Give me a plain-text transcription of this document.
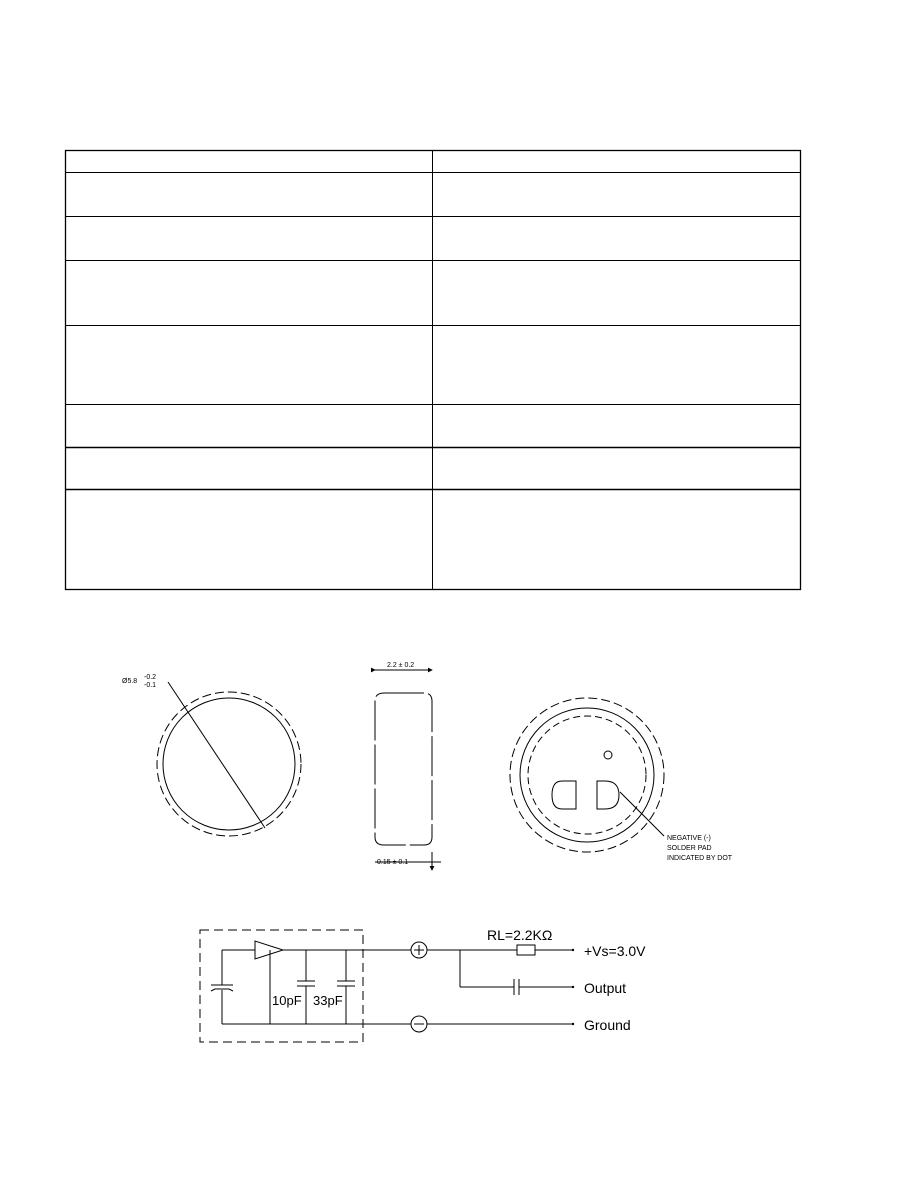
Ø5.8
-0.2
-0.1
2.2 ± 0.2
0.15 ± 0.1
NEGATIVE (-)
SOLDER PAD
INDICATED BY DOT
10pF 33pF
RL=2.2KΩ
+Vs=3.0V
Output
Ground
